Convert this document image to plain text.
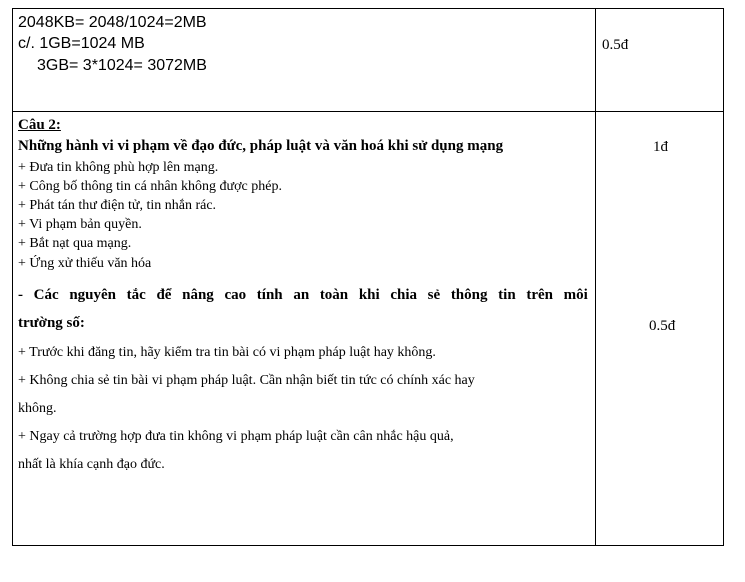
2048KB= 2048/1024=2MB
c/. 1GB=1024 MB
3GB= 3*1024= 3072MB
0.5đ
Câu 2:
Những hành vi vi phạm về đạo đức, pháp luật và văn hoá khi sử dụng mạng	1đ
+ Đưa tin không phù hợp lên mạng.
+ Công bố thông tin cá nhân không được phép.
+ Phát tán thư điện tử, tin nhắn rác.
+ Vi phạm bản quyền.
+ Bắt nạt qua mạng.
+ Ứng xử thiếu văn hóa
- Các nguyên tắc để nâng cao tính an toàn khi chia sẻ thông tin trên môi
trường số:	0.5đ
+ Trước khi đăng tin, hãy kiểm tra tin bài có vi phạm pháp luật hay không.
+ Không chia sẻ tin bài vi phạm pháp luật. Cần nhận biết tin tức có chính xác hay
không.
+ Ngay cả trường hợp đưa tin không vi phạm pháp luật cần cân nhắc hậu quả,
nhất là khía cạnh đạo đức.
